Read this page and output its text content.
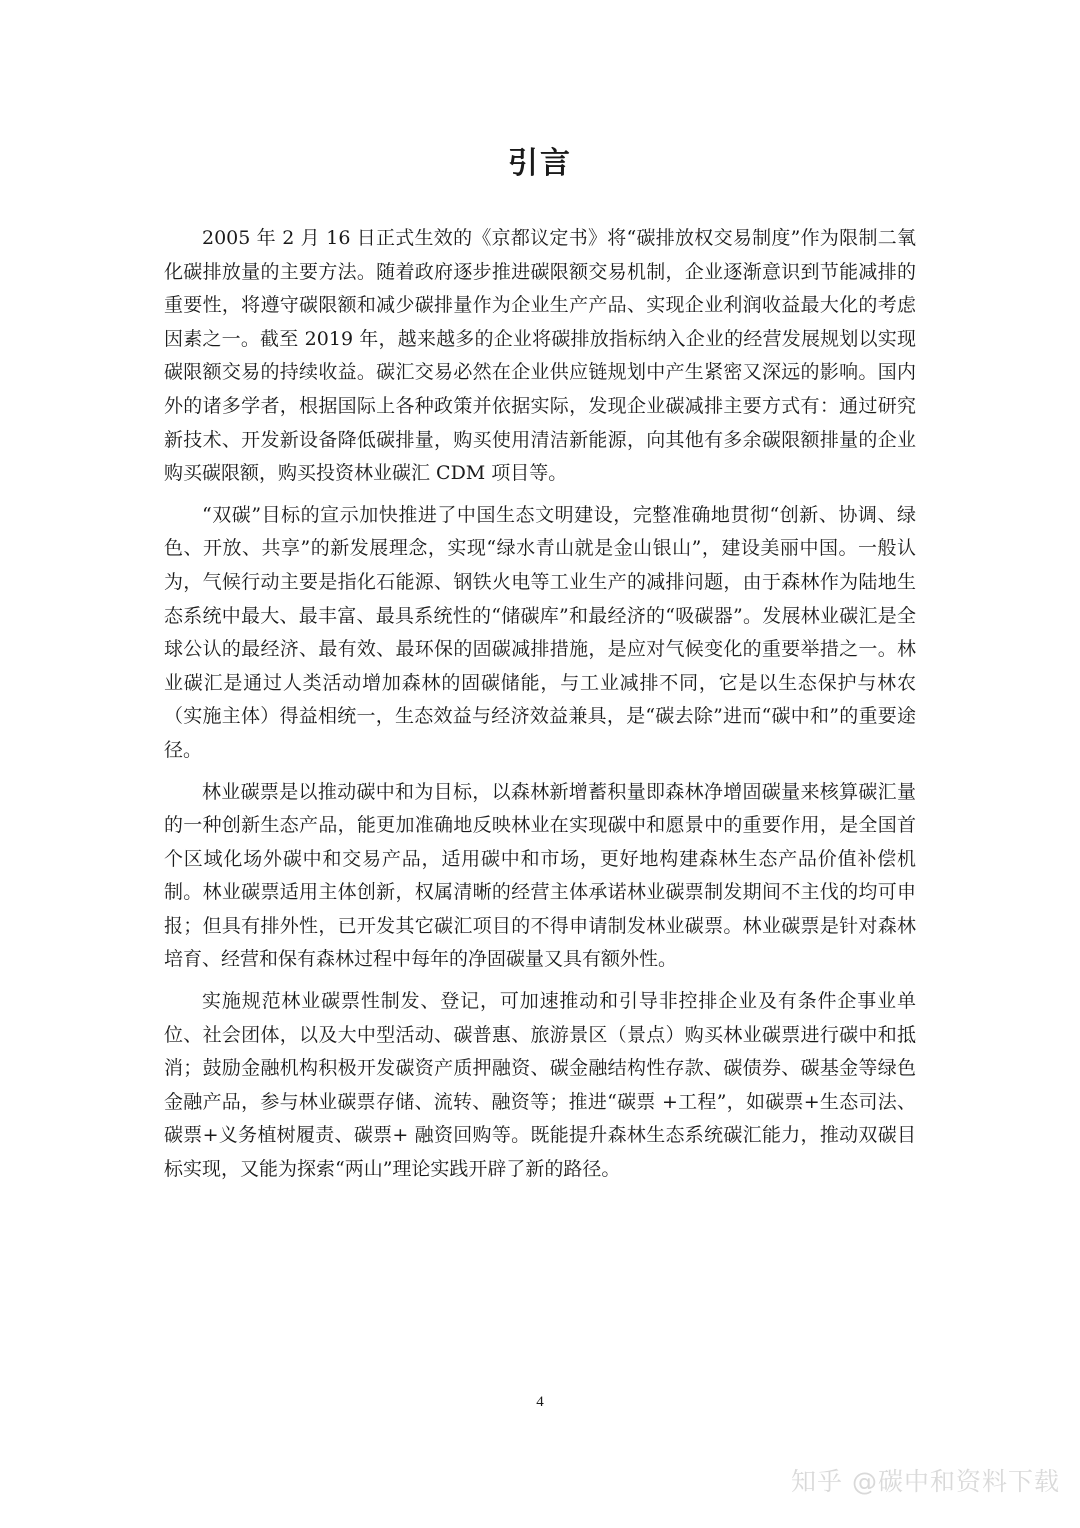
引言

2005 年 2 月 16 日正式生效的《京都议定书》将“碳排放权交易制度”作为限制二氧化碳排放量的主要方法。随着政府逐步推进碳限额交易机制，企业逐渐意识到节能减排的重要性，将遵守碳限额和减少碳排量作为企业生产产品、实现企业利润收益最大化的考虑因素之一。截至 2019 年，越来越多的企业将碳排放指标纳入企业的经营发展规划以实现碳限额交易的持续收益。碳汇交易必然在企业供应链规划中产生紧密又深远的影响。国内外的诸多学者，根据国际上各种政策并依据实际，发现企业碳减排主要方式有：通过研究新技术、开发新设备降低碳排量，购买使用清洁新能源，向其他有多余碳限额排量的企业购买碳限额，购买投资林业碳汇 CDM 项目等。

“双碳”目标的宣示加快推进了中国生态文明建设，完整准确地贯彻“创新、协调、绿色、开放、共享”的新发展理念，实现“绿水青山就是金山银山”，建设美丽中国。一般认为，气候行动主要是指化石能源、钢铁火电等工业生产的减排问题，由于森林作为陆地生态系统中最大、最丰富、最具系统性的“储碳库”和最经济的“吸碳器”。发展林业碳汇是全球公认的最经济、最有效、最环保的固碳减排措施，是应对气候变化的重要举措之一。林业碳汇是通过人类活动增加森林的固碳储能，与工业减排不同，它是以生态保护与林农（实施主体）得益相统一，生态效益与经济效益兼具，是“碳去除”进而“碳中和”的重要途径。

林业碳票是以推动碳中和为目标，以森林新增蓄积量即森林净增固碳量来核算碳汇量的一种创新生态产品，能更加准确地反映林业在实现碳中和愿景中的重要作用，是全国首个区域化场外碳中和交易产品，适用碳中和市场，更好地构建森林生态产品价值补偿机制。林业碳票适用主体创新，权属清晰的经营主体承诺林业碳票制发期间不主伐的均可申报；但具有排外性，已开发其它碳汇项目的不得申请制发林业碳票。林业碳票是针对森林培育、经营和保有森林过程中每年的净固碳量又具有额外性。

实施规范林业碳票性制发、登记，可加速推动和引导非控排企业及有条件企事业单位、社会团体，以及大中型活动、碳普惠、旅游景区（景点）购买林业碳票进行碳中和抵消；鼓励金融机构积极开发碳资产质押融资、碳金融结构性存款、碳债券、碳基金等绿色金融产品，参与林业碳票存储、流转、融资等；推进“碳票 +工程”，如碳票+生态司法、碳票+义务植树履责、碳票+ 融资回购等。既能提升森林生态系统碳汇能力，推动双碳目标实现，又能为探索“两山”理论实践开辟了新的路径。

4
知乎 @碳中和资料下载
